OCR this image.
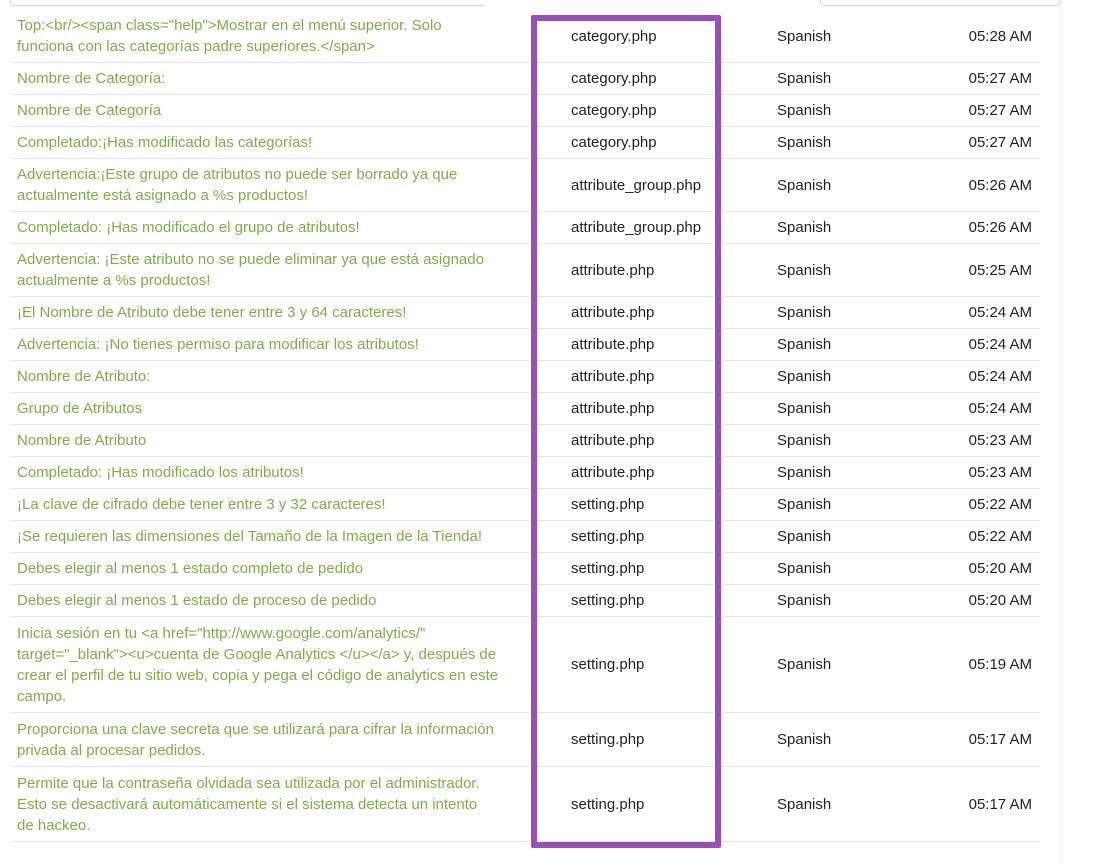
Top:<br/><span class="help">Mostrar en el menú superior. Solo
funciona con las categorías padre superiores.</span>
category.php	Spanish	05:28 AM
Nombre de Categoría:	category.php	Spanish	05:27 AM
Nombre de Categoría	category.php	Spanish	05:27 AM
Completado:¡Has modificado las categorías!	category.php	Spanish	05:27 AM
Advertencia:¡Este grupo de atributos no puede ser borrado ya que
actualmente está asignado a %s productos!
attribute_group.php	Spanish	05:26 AM
Completado: ¡Has modificado el grupo de atributos!	attribute_group.php	Spanish	05:26 AM
Advertencia: ¡Este atributo no se puede eliminar ya que está asignado
actualmente a %s productos!
attribute.php	Spanish	05:25 AM
¡El Nombre de Atributo debe tener entre 3 y 64 caracteres!	attribute.php	Spanish	05:24 AM
Advertencia: ¡No tienes permiso para modificar los atributos!	attribute.php	Spanish	05:24 AM
Nombre de Atributo:	attribute.php	Spanish	05:24 AM
Grupo de Atributos	attribute.php	Spanish	05:24 AM
Nombre de Atributo	attribute.php	Spanish	05:23 AM
Completado: ¡Has modificado los atributos!	attribute.php	Spanish	05:23 AM
¡La clave de cifrado debe tener entre 3 y 32 caracteres!	setting.php	Spanish	05:22 AM
¡Se requieren las dimensiones del Tamaño de la Imagen de la Tienda!	setting.php	Spanish	05:22 AM
Debes elegir al menos 1 estado completo de pedido	setting.php	Spanish	05:20 AM
Debes elegir al menos 1 estado de proceso de pedido	setting.php	Spanish	05:20 AM
Inicia sesión en tu <a href="http://www.google.com/analytics/"
target="_blank"><u>cuenta de Google Analytics </u></a> y, después de
crear el perfil de tu sitio web, copia y pega el código de analytics en este
campo.
setting.php	Spanish	05:19 AM
Proporciona una clave secreta que se utilizará para cifrar la información
privada al procesar pedidos.
setting.php	Spanish	05:17 AM
Permite que la contraseña olvidada sea utilizada por el administrador.
Esto se desactivará automáticamente si el sistema detecta un intento
de hackeo.
setting.php	Spanish	05:17 AM
